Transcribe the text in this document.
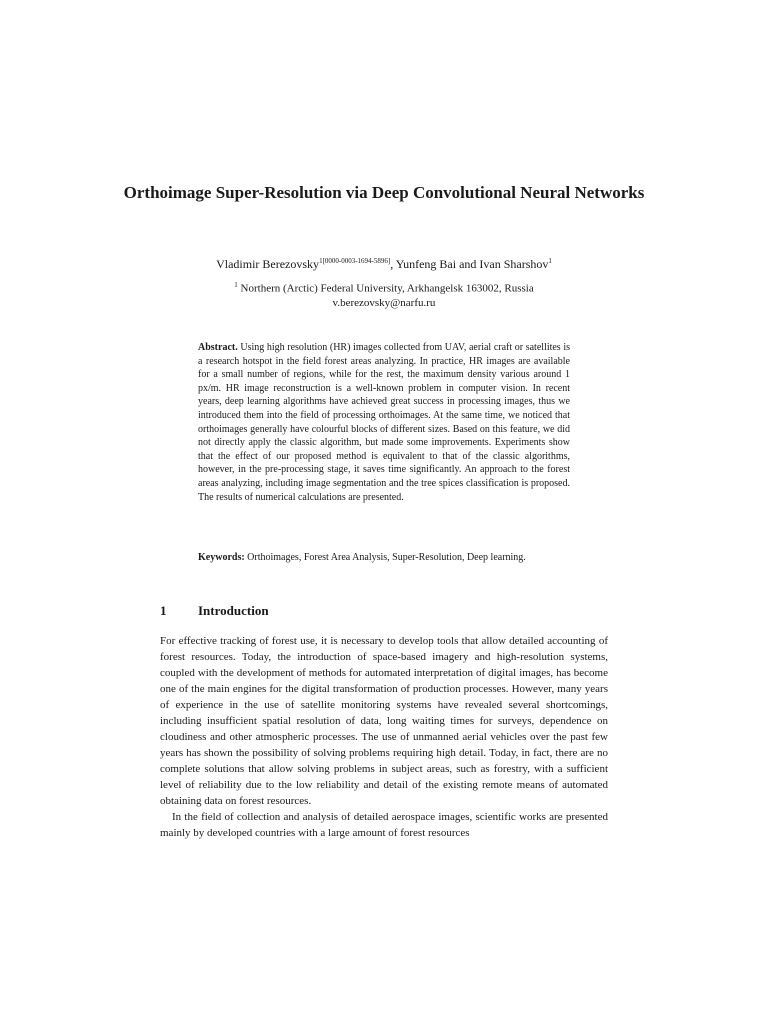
Orthoimage Super-Resolution via Deep Convolutional Neural Networks

Vladimir Berezovsky$^{1[0000-0003-1694-5896]}$, Yunfeng Bai and Ivan Sharshov$^1$

$^1$ Northern (Arctic) Federal University, Arkhangelsk 163002, Russia
v.berezovsky@narfu.ru

Abstract. Using high resolution (HR) images collected from UAV, aerial craft or satellites is a research hotspot in the field forest areas analyzing. In practice, HR images are available for a small number of regions, while for the rest, the maximum density various around 1 px/m. HR image reconstruction is a well-known problem in computer vision. In recent years, deep learning algorithms have achieved great success in processing images, thus we introduced them into the field of processing orthoimages. At the same time, we noticed that orthoimages generally have colourful blocks of different sizes. Based on this feature, we did not directly apply the classic algorithm, but made some improvements. Experiments show that the effect of our proposed method is equivalent to that of the classic algorithms, however, in the pre-processing stage, it saves time significantly. An approach to the forest areas analyzing, including image segmentation and the tree spices classification is proposed. The results of numerical calculations are presented.

Keywords: Orthoimages, Forest Area Analysis, Super-Resolution, Deep learning.

1 Introduction

For effective tracking of forest use, it is necessary to develop tools that allow detailed accounting of forest resources. Today, the introduction of space-based imagery and high-resolution systems, coupled with the development of methods for automated interpretation of digital images, has become one of the main engines for the digital transformation of production processes. However, many years of experience in the use of satellite monitoring systems have revealed several shortcomings, including insufficient spatial resolution of data, long waiting times for surveys, dependence on cloudiness and other atmospheric processes. The use of unmanned aerial vehicles over the past few years has shown the possibility of solving problems requiring high detail. Today, in fact, there are no complete solutions that allow solving problems in subject areas, such as forestry, with a sufficient level of reliability due to the low reliability and detail of the existing remote means of automated obtaining data on forest resources.

In the field of collection and analysis of detailed aerospace images, scientific works are presented mainly by developed countries with a large amount of forest resources
